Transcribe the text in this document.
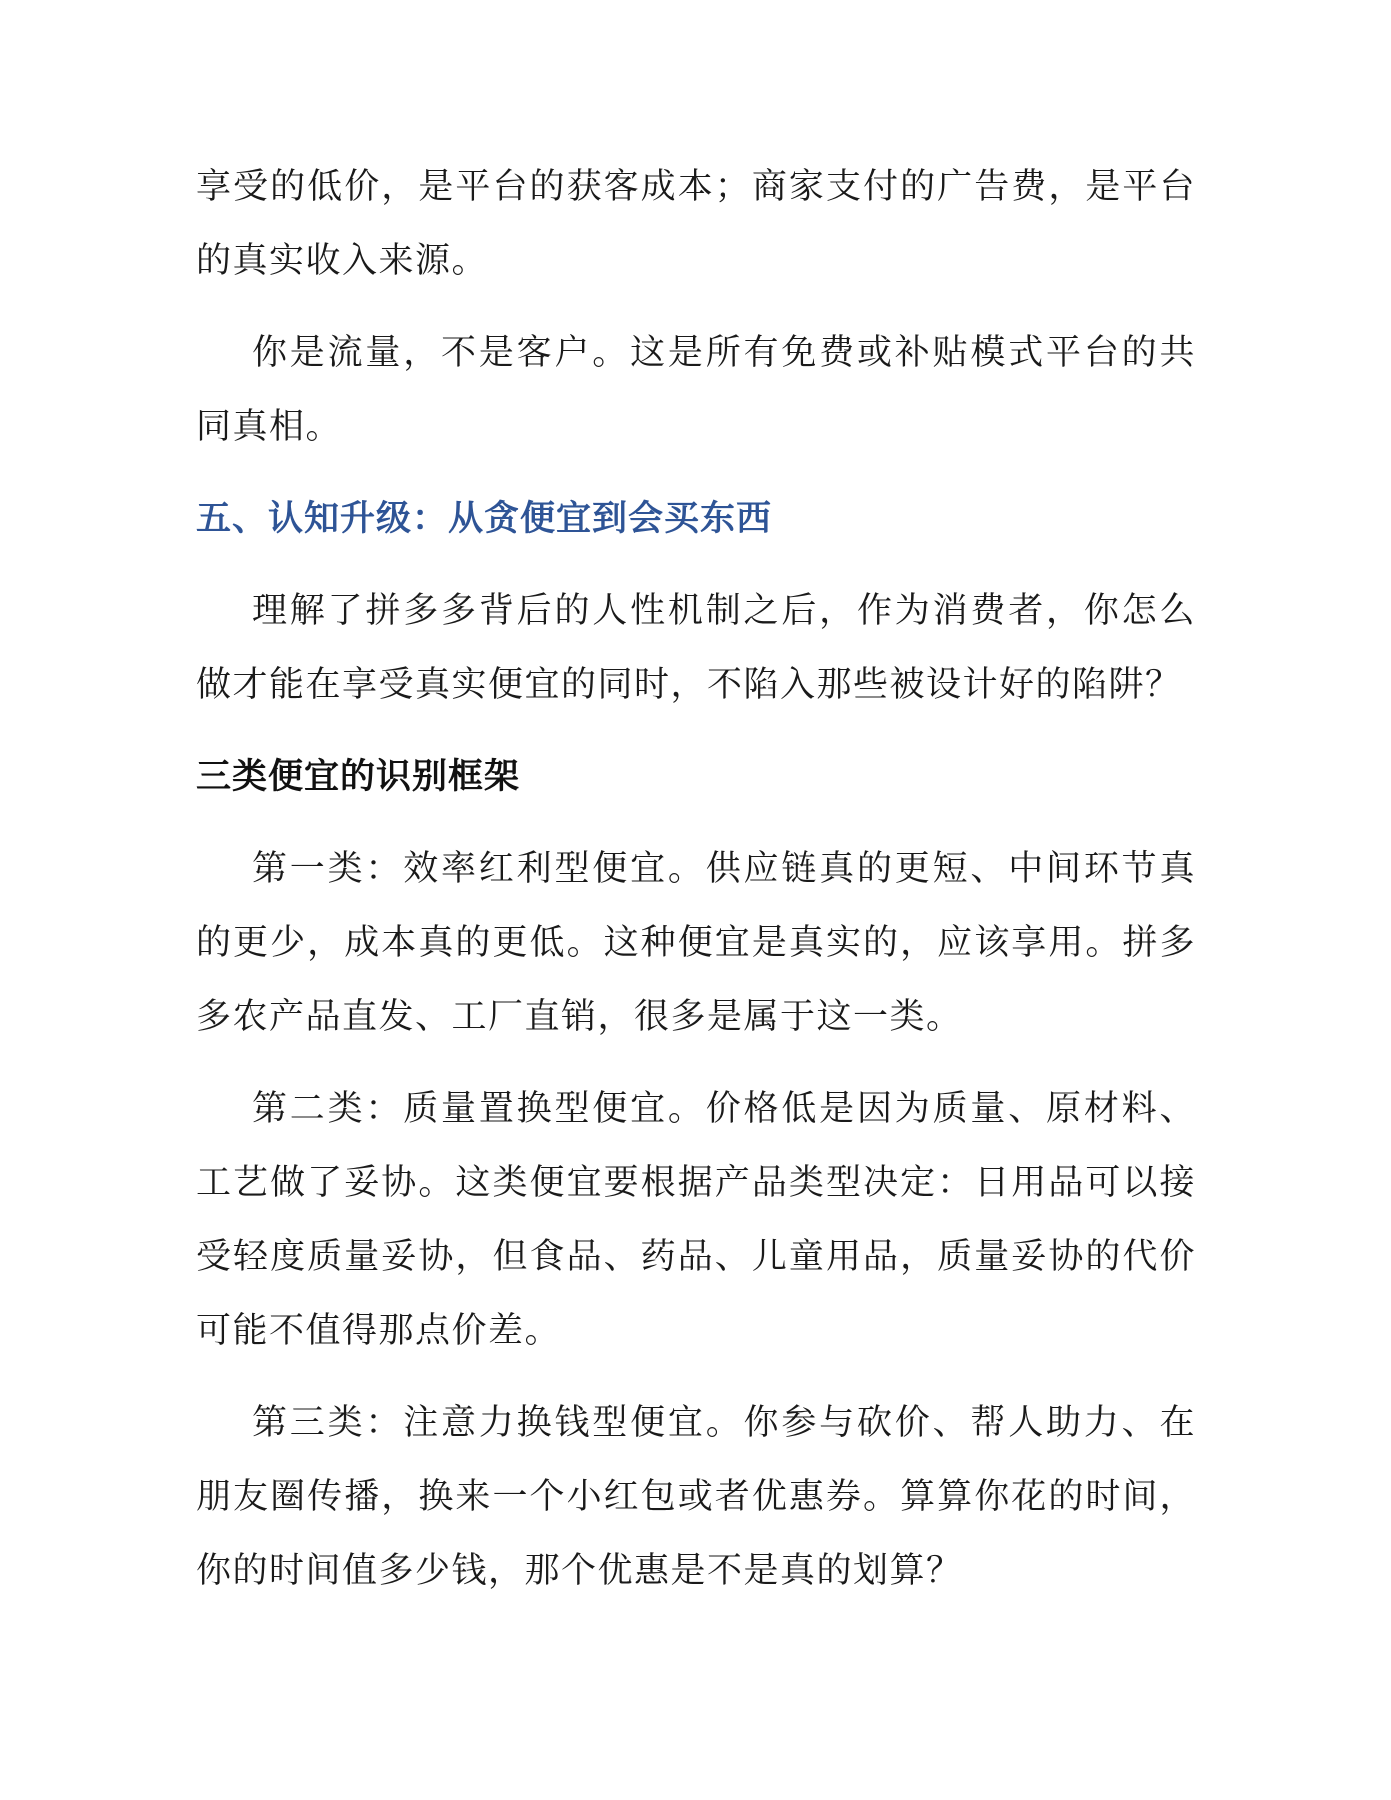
享受的低价，是平台的获客成本；商家支付的广告费，是平台的真实收入来源。

你是流量，不是客户。这是所有免费或补贴模式平台的共同真相。

五、认知升级：从贪便宜到会买东西

理解了拼多多背后的人性机制之后，作为消费者，你怎么做才能在享受真实便宜的同时，不陷入那些被设计好的陷阱？

三类便宜的识别框架

第一类：效率红利型便宜。供应链真的更短、中间环节真的更少，成本真的更低。这种便宜是真实的，应该享用。拼多多农产品直发、工厂直销，很多是属于这一类。

第二类：质量置换型便宜。价格低是因为质量、原材料、工艺做了妥协。这类便宜要根据产品类型决定：日用品可以接受轻度质量妥协，但食品、药品、儿童用品，质量妥协的代价可能不值得那点价差。

第三类：注意力换钱型便宜。你参与砍价、帮人助力、在朋友圈传播，换来一个小红包或者优惠券。算算你花的时间，你的时间值多少钱，那个优惠是不是真的划算？
